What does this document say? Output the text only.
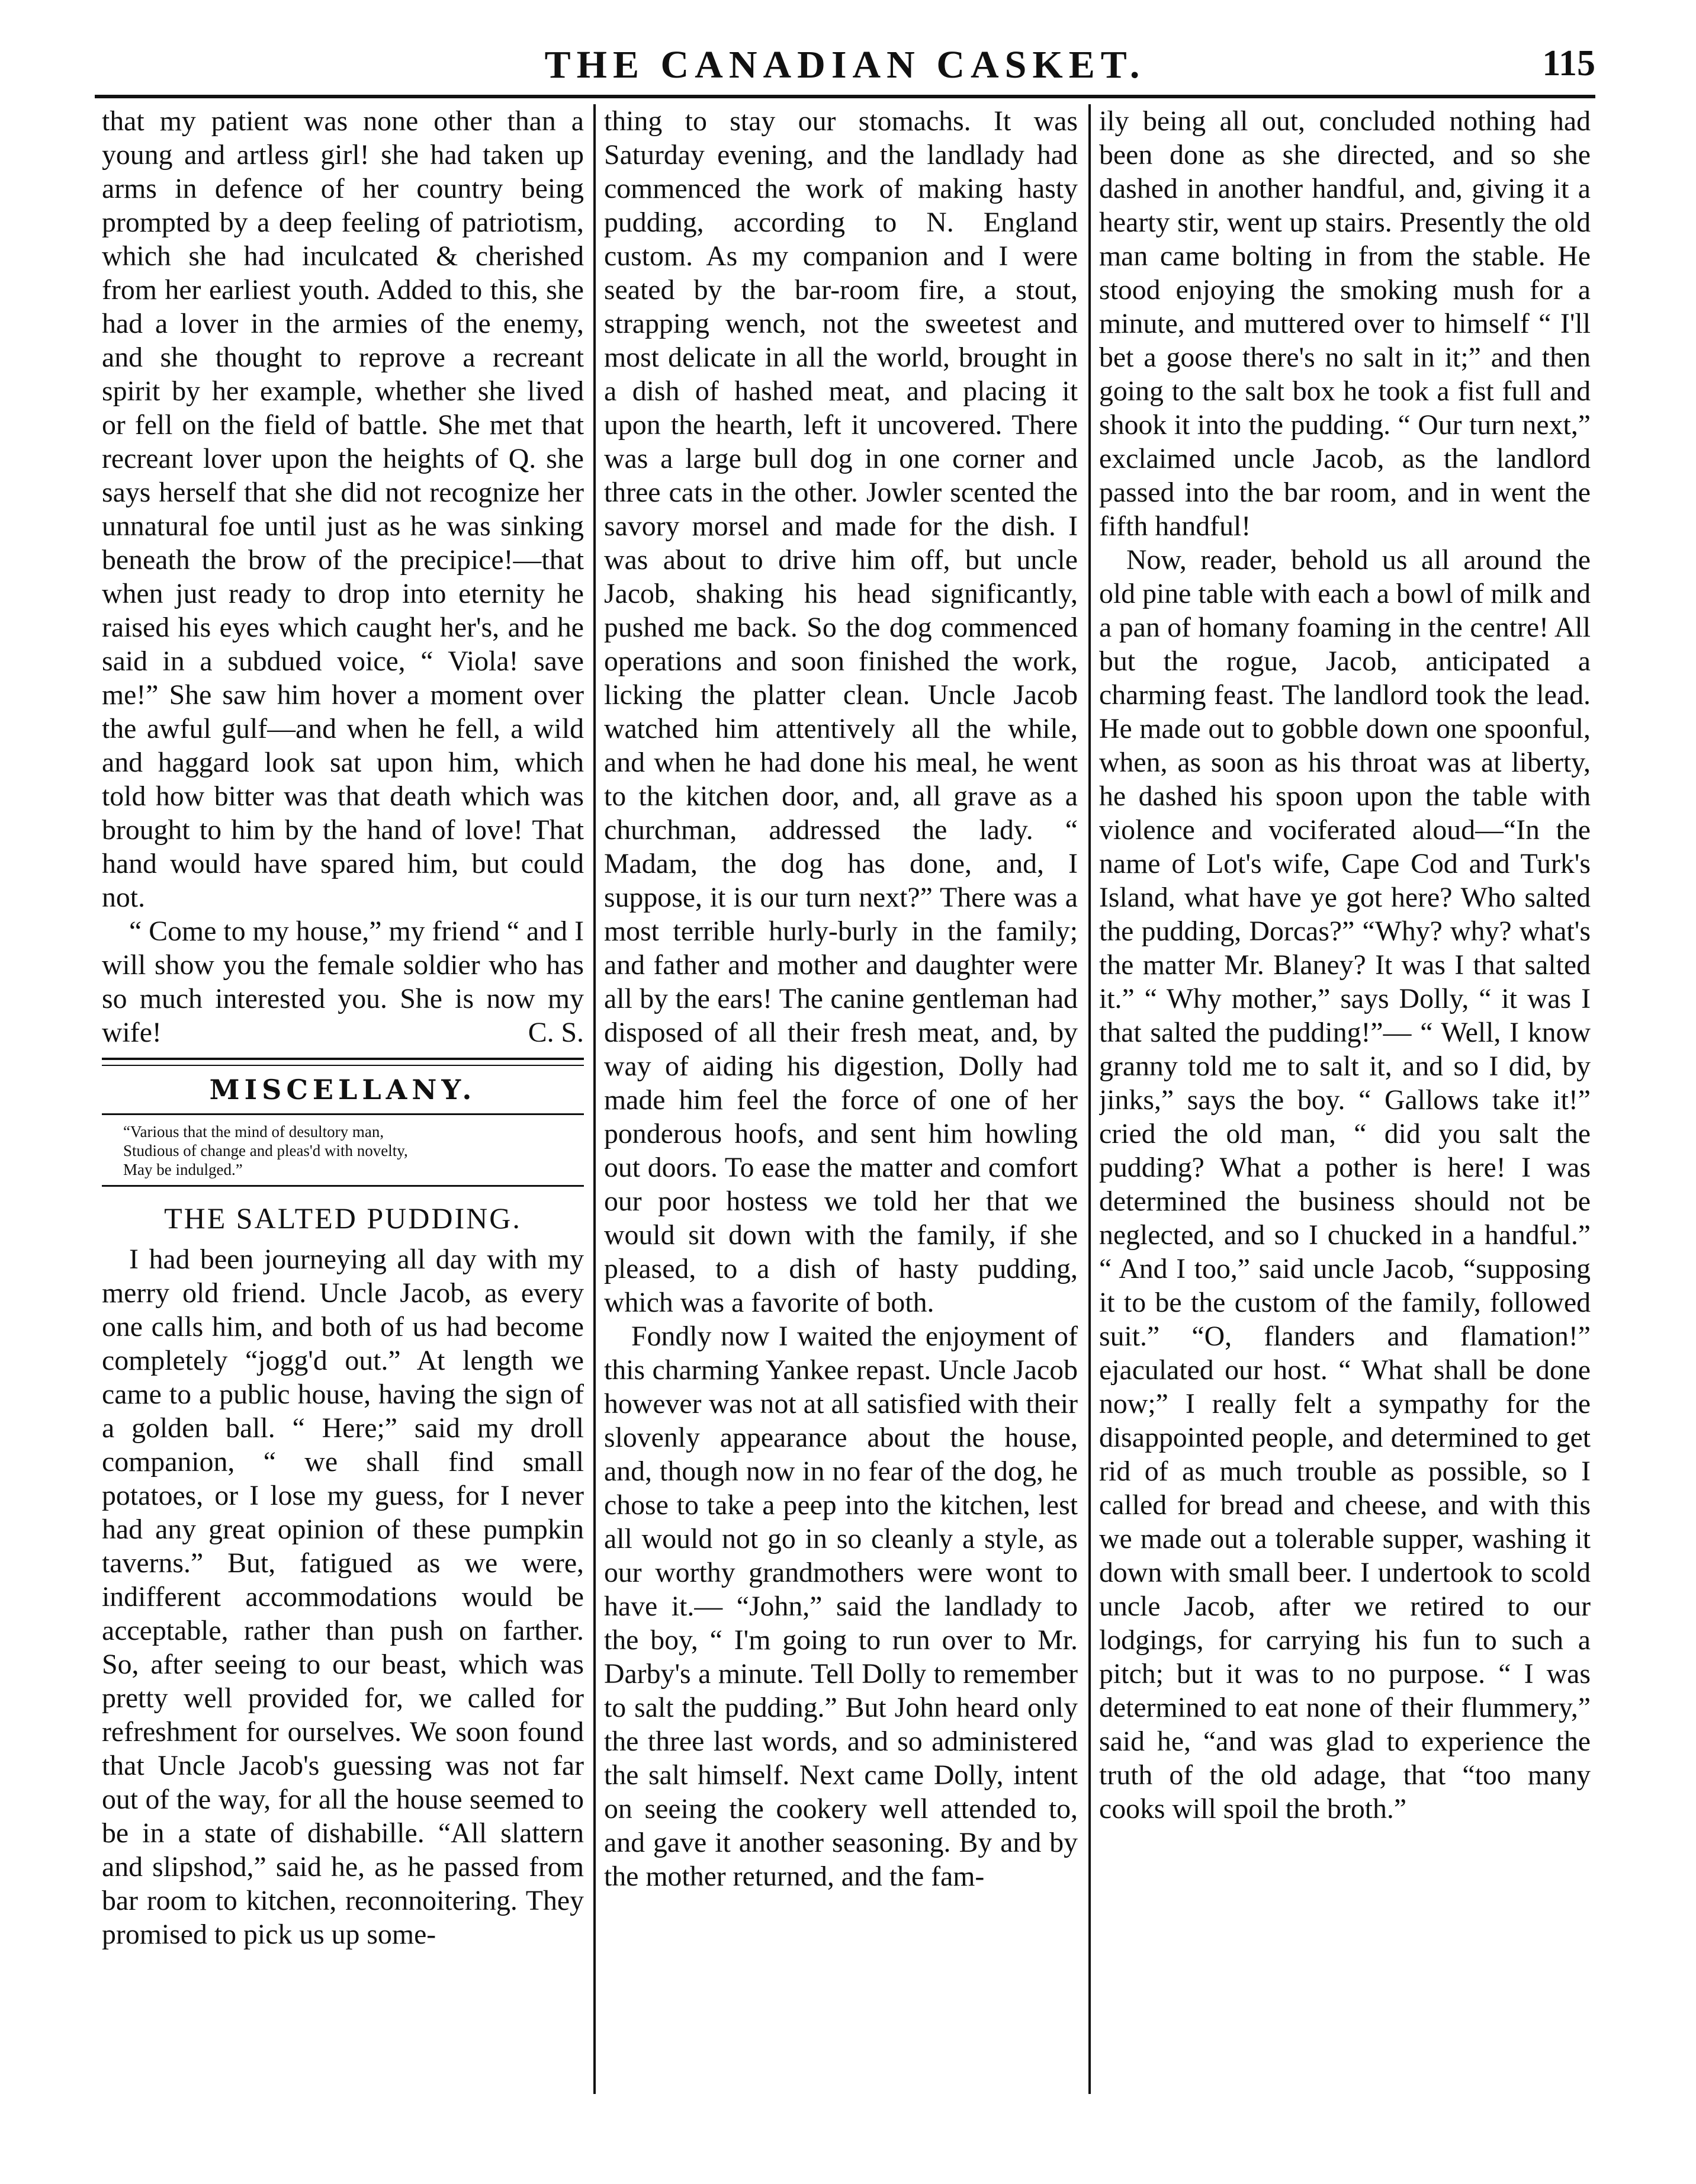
THE CANADIAN CASKET.	115

that my patient was none other than a young and artless girl! she had taken up arms in defence of her country being prompted by a deep feeling of patriotism, which she had inculcated & cherished from her earliest youth. Added to this, she had a lover in the armies of the enemy, and she thought to reprove a recreant spirit by her example, whether she lived or fell on the field of battle. She met that recreant lover upon the heights of Q. she says herself that she did not recognize her unnatural foe until just as he was sinking beneath the brow of the precipice!—that when just ready to drop into eternity he raised his eyes which caught her's, and he said in a subdued voice, “ Viola! save me!” She saw him hover a moment over the awful gulf—and when he fell, a wild and haggard look sat upon him, which told how bitter was that death which was brought to him by the hand of love! That hand would have spared him, but could not.

“ Come to my house,” my friend “ and I will show you the female soldier who has so much interested you. She is now my wife!	C. S.

MISCELLANY.
“Various that the mind of desultory man,
Studious of change and pleas'd with novelty,
May be indulged.”
THE SALTED PUDDING.

I had been journeying all day with my merry old friend. Uncle Jacob, as every one calls him, and both of us had become completely “jogg'd out.” At length we came to a public house, having the sign of a golden ball. “ Here;” said my droll companion, “ we shall find small potatoes, or I lose my guess, for I never had any great opinion of these pumpkin taverns.” But, fatigued as we were, indifferent accommodations would be acceptable, rather than push on farther. So, after seeing to our beast, which was pretty well provided for, we called for refreshment for ourselves. We soon found that Uncle Jacob's guessing was not far out of the way, for all the house seemed to be in a state of dishabille. “All slattern and slipshod,” said he, as he passed from bar room to kitchen, reconnoitering. They promised to pick us up some-

thing to stay our stomachs. It was Saturday evening, and the landlady had commenced the work of making hasty pudding, according to N. England custom. As my companion and I were seated by the bar-room fire, a stout, strapping wench, not the sweetest and most delicate in all the world, brought in a dish of hashed meat, and placing it upon the hearth, left it uncovered. There was a large bull dog in one corner and three cats in the other. Jowler scented the savory morsel and made for the dish. I was about to drive him off, but uncle Jacob, shaking his head significantly, pushed me back. So the dog commenced operations and soon finished the work, licking the platter clean. Uncle Jacob watched him attentively all the while, and when he had done his meal, he went to the kitchen door, and, all grave as a churchman, addressed the lady. “ Madam, the dog has done, and, I suppose, it is our turn next?” There was a most terrible hurly-burly in the family; and father and mother and daughter were all by the ears! The canine gentleman had disposed of all their fresh meat, and, by way of aiding his digestion, Dolly had made him feel the force of one of her ponderous hoofs, and sent him howling out doors. To ease the matter and comfort our poor hostess we told her that we would sit down with the family, if she pleased, to a dish of hasty pudding, which was a favorite of both.

Fondly now I waited the enjoyment of this charming Yankee repast. Uncle Jacob however was not at all satisfied with their slovenly appearance about the house, and, though now in no fear of the dog, he chose to take a peep into the kitchen, lest all would not go in so cleanly a style, as our worthy grandmothers were wont to have it.— “John,” said the landlady to the boy, “ I'm going to run over to Mr. Darby's a minute. Tell Dolly to remember to salt the pudding.” But John heard only the three last words, and so administered the salt himself. Next came Dolly, intent on seeing the cookery well attended to, and gave it another seasoning. By and by the mother returned, and the fam-

ily being all out, concluded nothing had been done as she directed, and so she dashed in another handful, and, giving it a hearty stir, went up stairs. Presently the old man came bolting in from the stable. He stood enjoying the smoking mush for a minute, and muttered over to himself “ I'll bet a goose there's no salt in it;” and then going to the salt box he took a fist full and shook it into the pudding. “ Our turn next,” exclaimed uncle Jacob, as the landlord passed into the bar room, and in went the fifth handful!

Now, reader, behold us all around the old pine table with each a bowl of milk and a pan of homany foaming in the centre! All but the rogue, Jacob, anticipated a charming feast. The landlord took the lead. He made out to gobble down one spoonful, when, as soon as his throat was at liberty, he dashed his spoon upon the table with violence and vociferated aloud—“In the name of Lot's wife, Cape Cod and Turk's Island, what have ye got here? Who salted the pudding, Dorcas?” “Why? why? what's the matter Mr. Blaney? It was I that salted it.” “ Why mother,” says Dolly, “ it was I that salted the pudding!”— “ Well, I know granny told me to salt it, and so I did, by jinks,” says the boy. “ Gallows take it!” cried the old man, “ did you salt the pudding? What a pother is here! I was determined the business should not be neglected, and so I chucked in a handful.” “ And I too,” said uncle Jacob, “supposing it to be the custom of the family, followed suit.” “O, flanders and flamation!” ejaculated our host. “ What shall be done now;” I really felt a sympathy for the disappointed people, and determined to get rid of as much trouble as possible, so I called for bread and cheese, and with this we made out a tolerable supper, washing it down with small beer. I undertook to scold uncle Jacob, after we retired to our lodgings, for carrying his fun to such a pitch; but it was to no purpose. “ I was determined to eat none of their flummery,” said he, “and was glad to experience the truth of the old adage, that “too many cooks will spoil the broth.”
